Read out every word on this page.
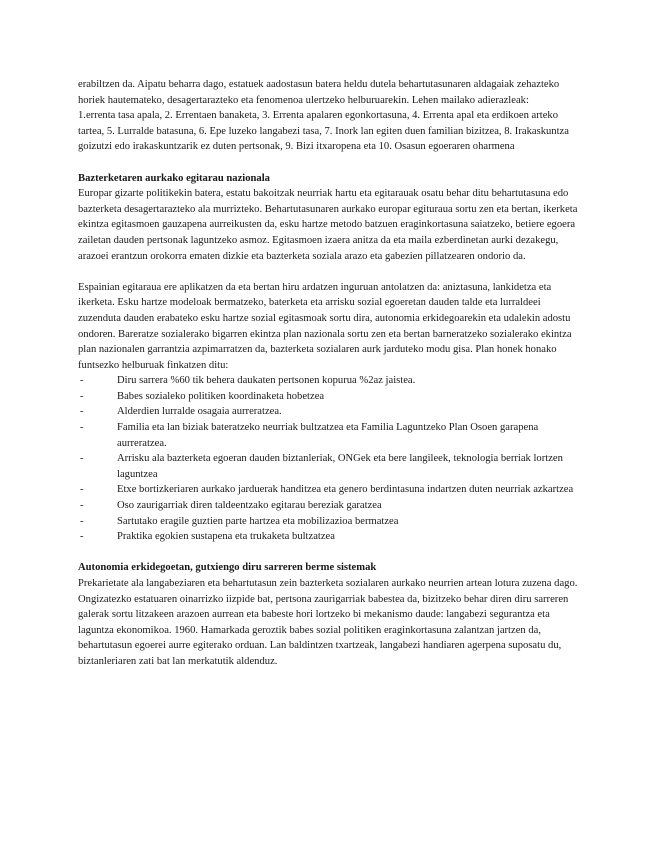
erabiltzen da. Aipatu beharra dago, estatuek aadostasun batera heldu dutela behartutasunaren aldagaiak zehazteko horiek hautemateko, desagertarazteko eta fenomenoa ulertzeko helburuarekin. Lehen mailako adierazleak:

1.errenta tasa apala, 2. Errentaen banaketa, 3. Errenta apalaren egonkortasuna, 4. Errenta apal eta erdikoen arteko tartea, 5. Lurralde batasuna, 6. Epe luzeko langabezi tasa, 7. Inork lan egiten duen familian bizitzea, 8. Irakaskuntza goizutzi edo irakaskuntzarik ez duten pertsonak, 9. Bizi itxaropena eta 10. Osasun egoeraren oharmena

Bazterketaren aurkako egitarau nazionala

Europar gizarte politikekin batera, estatu bakoitzak neurriak hartu eta egitarauak osatu behar ditu behartutasuna edo bazterketa desagertarazteko ala murrizteko. Behartutasunaren aurkako europar egituraua sortu zen eta bertan, ikerketa ekintza egitasmoen gauzapena aurreikusten da, esku hartze metodo batzuen eraginkortasuna saiatzeko, betiere egoera zailetan dauden pertsonak laguntzeko asmoz. Egitasmoen izaera anitza da eta maila ezberdinetan aurki dezakegu, arazoei erantzun orokorra ematen dizkie eta bazterketa soziala arazo eta gabezien pillatzearen ondorio da.

Espainian egitaraua ere aplikatzen da eta bertan hiru ardatzen inguruan antolatzen da: aniztasuna, lankidetza eta ikerketa. Esku hartze modeloak bermatzeko, baterketa eta arrisku sozial egoeretan dauden talde eta lurraldeei zuzenduta dauden erabateko esku hartze sozial egitasmoak sortu dira, autonomia erkidegoarekin eta udalekin adostu ondoren. Bareratze sozialerako bigarren ekintza plan nazionala sortu zen eta bertan barneratzeko sozialerako ekintza plan nazionalen garrantzia azpimarratzen da, bazterketa sozialaren aurk jarduteko modu gisa. Plan honek honako funtsezko helburuak finkatzen ditu:

-	Diru sarrera %60 tik behera daukaten pertsonen kopurua %2az jaistea.
-	Babes sozialeko politiken koordinaketa hobetzea
-	Alderdien lurralde osagaia aurreratzea.
-	Familia eta lan biziak bateratzeko neurriak bultzatzea eta Familia Laguntzeko Plan Osoen garapena aurreratzea.
-	Arrisku ala bazterketa egoeran dauden biztanleriak, ONGek eta bere langileek, teknologia berriak lortzen laguntzea
-	Etxe bortizkeriaren aurkako jarduerak handitzea eta genero berdintasuna indartzen duten neurriak azkartzea
-	Oso zaurigarriak diren taldeentzako egitarau bereziak garatzea
-	Sartutako eragile guztien parte hartzea eta mobilizazioa bermatzea
-	Praktika egokien sustapena eta trukaketa bultzatzea
Autonomia erkidegoetan, gutxiengo diru sarreren berme sistemak

Prekarietate ala langabeziaren eta behartutasun zein bazterketa sozialaren aurkako neurrien artean lotura zuzena dago. Ongizatezko estatuaren oinarrizko iizpide bat, pertsona zaurigarriak babestea da, bizitzeko behar diren diru sarreren galerak sortu litzakeen arazoen aurrean eta babeste hori lortzeko bi mekanismo daude: langabezi segurantza eta laguntza ekonomikoa. 1960. Hamarkada geroztik babes sozial politiken eraginkortasuna zalantzan jartzen da, behartutasun egoerei aurre egiterako orduan. Lan baldintzen txartzeak, langabezi handiaren agerpena suposatu du, biztanleriaren zati bat lan merkatutik aldenduz.
